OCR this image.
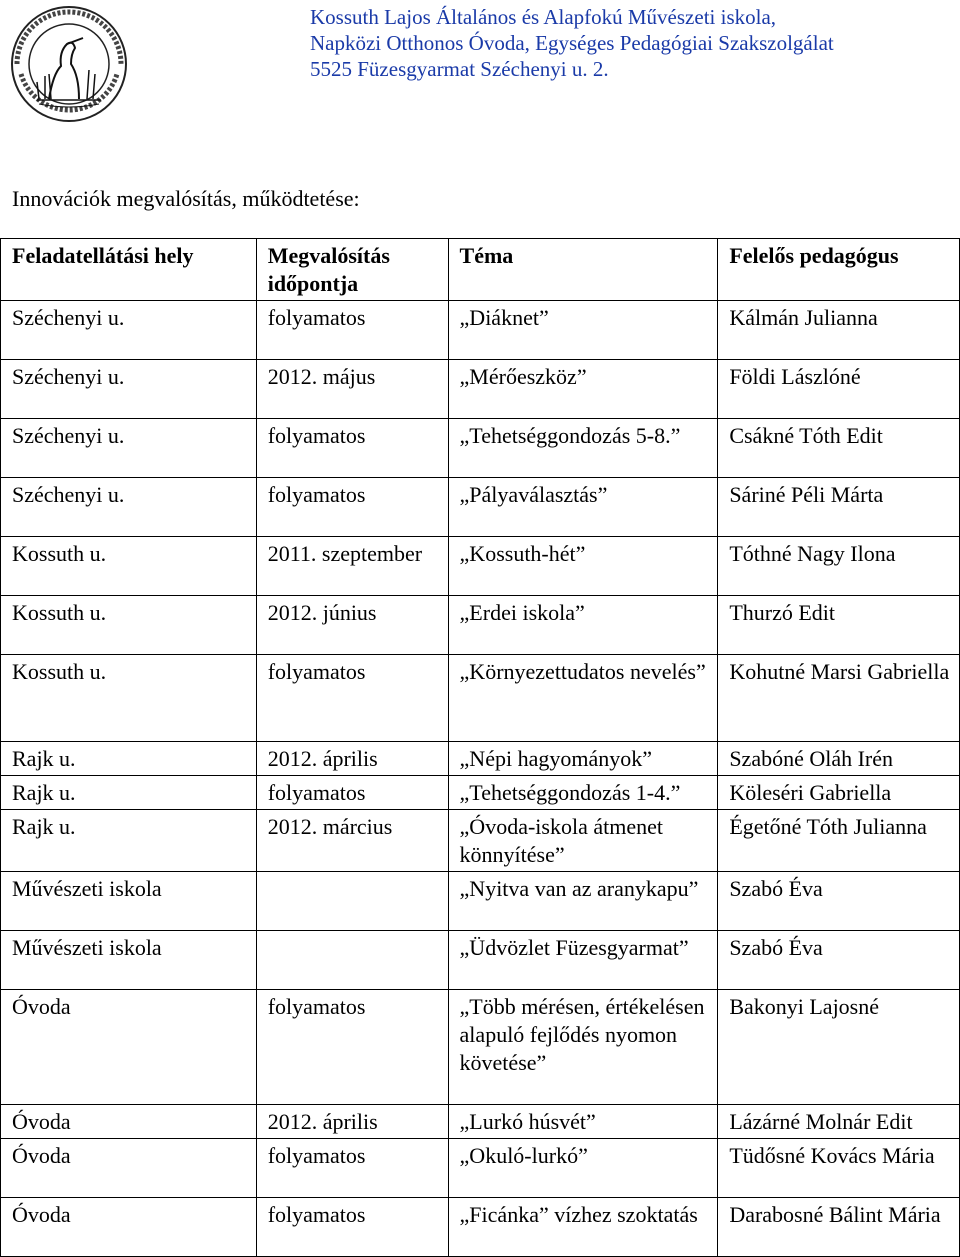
Kossuth Lajos Általános és Alapfokú Művészeti iskola,
Napközi Otthonos Óvoda, Egységes Pedagógiai Szakszolgálat
5525 Füzesgyarmat Széchenyi u. 2.
Innovációk megvalósítás, működtetése:
Feladatellátási hely	Megvalósítás időpontja	Téma	Felelős pedagógus
Széchenyi u.	folyamatos	„Diáknet”	Kálmán Julianna
Széchenyi u.	2012. május	„Mérőeszköz”	Földi Lászlóné
Széchenyi u.	folyamatos	„Tehetséggondozás 5-8.”	Csákné Tóth Edit
Széchenyi u.	folyamatos	„Pályaválasztás”	Sáriné Péli Márta
Kossuth u.	2011. szeptember	„Kossuth-hét”	Tóthné Nagy Ilona
Kossuth u.	2012. június	„Erdei iskola”	Thurzó Edit
Kossuth u.	folyamatos	„Környezettudatos nevelés”	Kohutné Marsi Gabriella
Rajk u.	2012. április	„Népi hagyományok”	Szabóné Oláh Irén
Rajk u.	folyamatos	„Tehetséggondozás 1-4.”	Köleséri Gabriella
Rajk u.	2012. március	„Óvoda-iskola átmenet könnyítése”	Égetőné Tóth Julianna
Művészeti iskola		„Nyitva van az aranykapu”	Szabó Éva
Művészeti iskola		„Üdvözlet Füzesgyarmat”	Szabó Éva
Óvoda	folyamatos	„Több mérésen, értékelésen alapuló fejlődés nyomon követése”	Bakonyi Lajosné
Óvoda	2012. április	„Lurkó húsvét”	Lázárné Molnár Edit
Óvoda	folyamatos	„Okuló-lurkó”	Tüdősné Kovács Mária
Óvoda	folyamatos	„Ficánka” vízhez szoktatás	Darabosné Bálint Mária
